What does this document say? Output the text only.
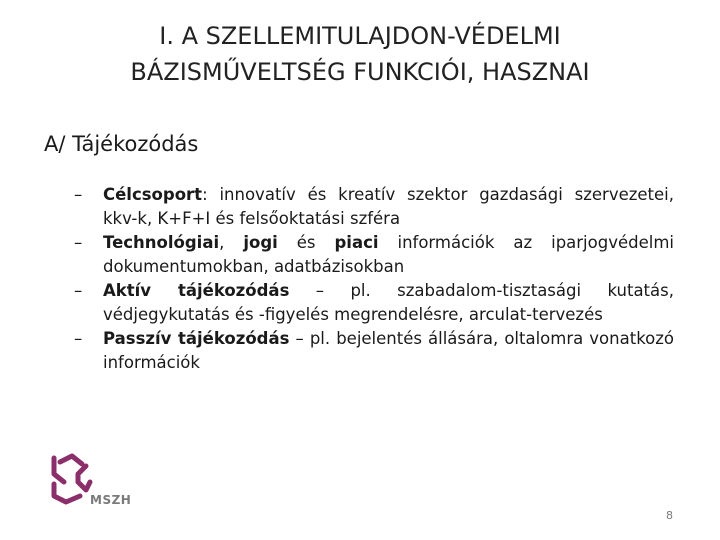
I. A SZELLEMITULAJDON-VÉDELMI
BÁZISMŰVELTSÉG FUNKCIÓI, HASZNAI
A/ Tájékozódás
– Célcsoport: innovatív és kreatív szektor gazdasági szervezetei, kkv-k, K+F+I és felsőoktatási szféra
– Technológiai, jogi és piaci információk az iparjogvédelmi dokumentumokban, adatbázisokban
– Aktív tájékozódás – pl. szabadalom-tisztasági kutatás, védjegykutatás és -figyelés megrendelésre, arculat-tervezés
– Passzív tájékozódás – pl. bejelentés állására, oltalomra vonatkozó információk
MSZH
8
